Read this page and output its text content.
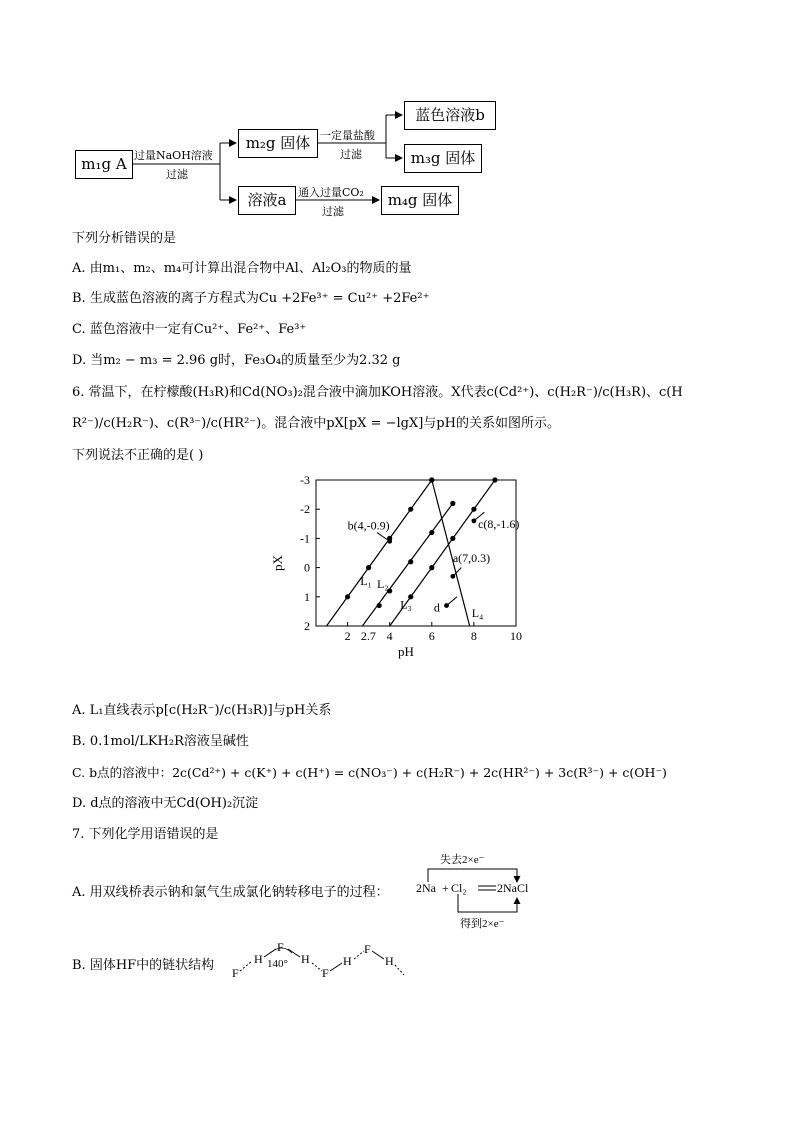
m₁g A
m₂g 固体
蓝色溶液b
m₃g 固体
溶液a	m₄g 固体
过量NaOH溶液
过滤
一定量盐酸
过滤
通入过量CO₂
过滤
下列分析错误的是
A. 由m₁、m₂、m₄可计算出混合物中Al、Al₂O₃的物质的量
B. 生成蓝色溶液的离子方程式为Cu +2Fe³⁺ = Cu²⁺ +2Fe²⁺
C. 蓝色溶液中一定有Cu²⁺、Fe²⁺、Fe³⁺
D. 当m₂ − m₃ = 2.96 g时，Fe₃O₄的质量至少为2.32 g
6. 常温下，在柠檬酸(H₃R)和Cd(NO₃)₂混合液中滴加KOH溶液。X代表c(Cd²⁺)、c(H₂R⁻)/c(H₃R)、c(H
R²⁻)/c(H₂R⁻)、c(R³⁻)/c(HR²⁻)。混合液中pX[pX = −lgX]与pH的关系如图所示。
下列说法不正确的是( )
2	4	6	8	10
2.7
-3
-2
-1
0
1
2
L₁ L₂
L₃
L₄
b(4,-0.9)	c(8,-1.6)
a(7,0.3)
d
pH
pX
A. L₁直线表示p[c(H₂R⁻)/c(H₃R)]与pH关系
B. 0.1mol/LKH₂R溶液呈碱性
C. b点的溶液中：2c(Cd²⁺) + c(K⁺) + c(H⁺) = c(NO₃⁻) + c(H₂R⁻) + 2c(HR²⁻) + 3c(R³⁻) + c(OH⁻)
D. d点的溶液中无Cd(OH)₂沉淀
7. 下列化学用语错误的是
A. 用双线桥表示钠和氯气生成氯化钠转移电子的过程：
失去2×e⁻
得到2×e⁻
2Na + Cl₂	2NaCl
B. 固体HF中的链状结构 F
H
F
140° H
F
H
F
H
